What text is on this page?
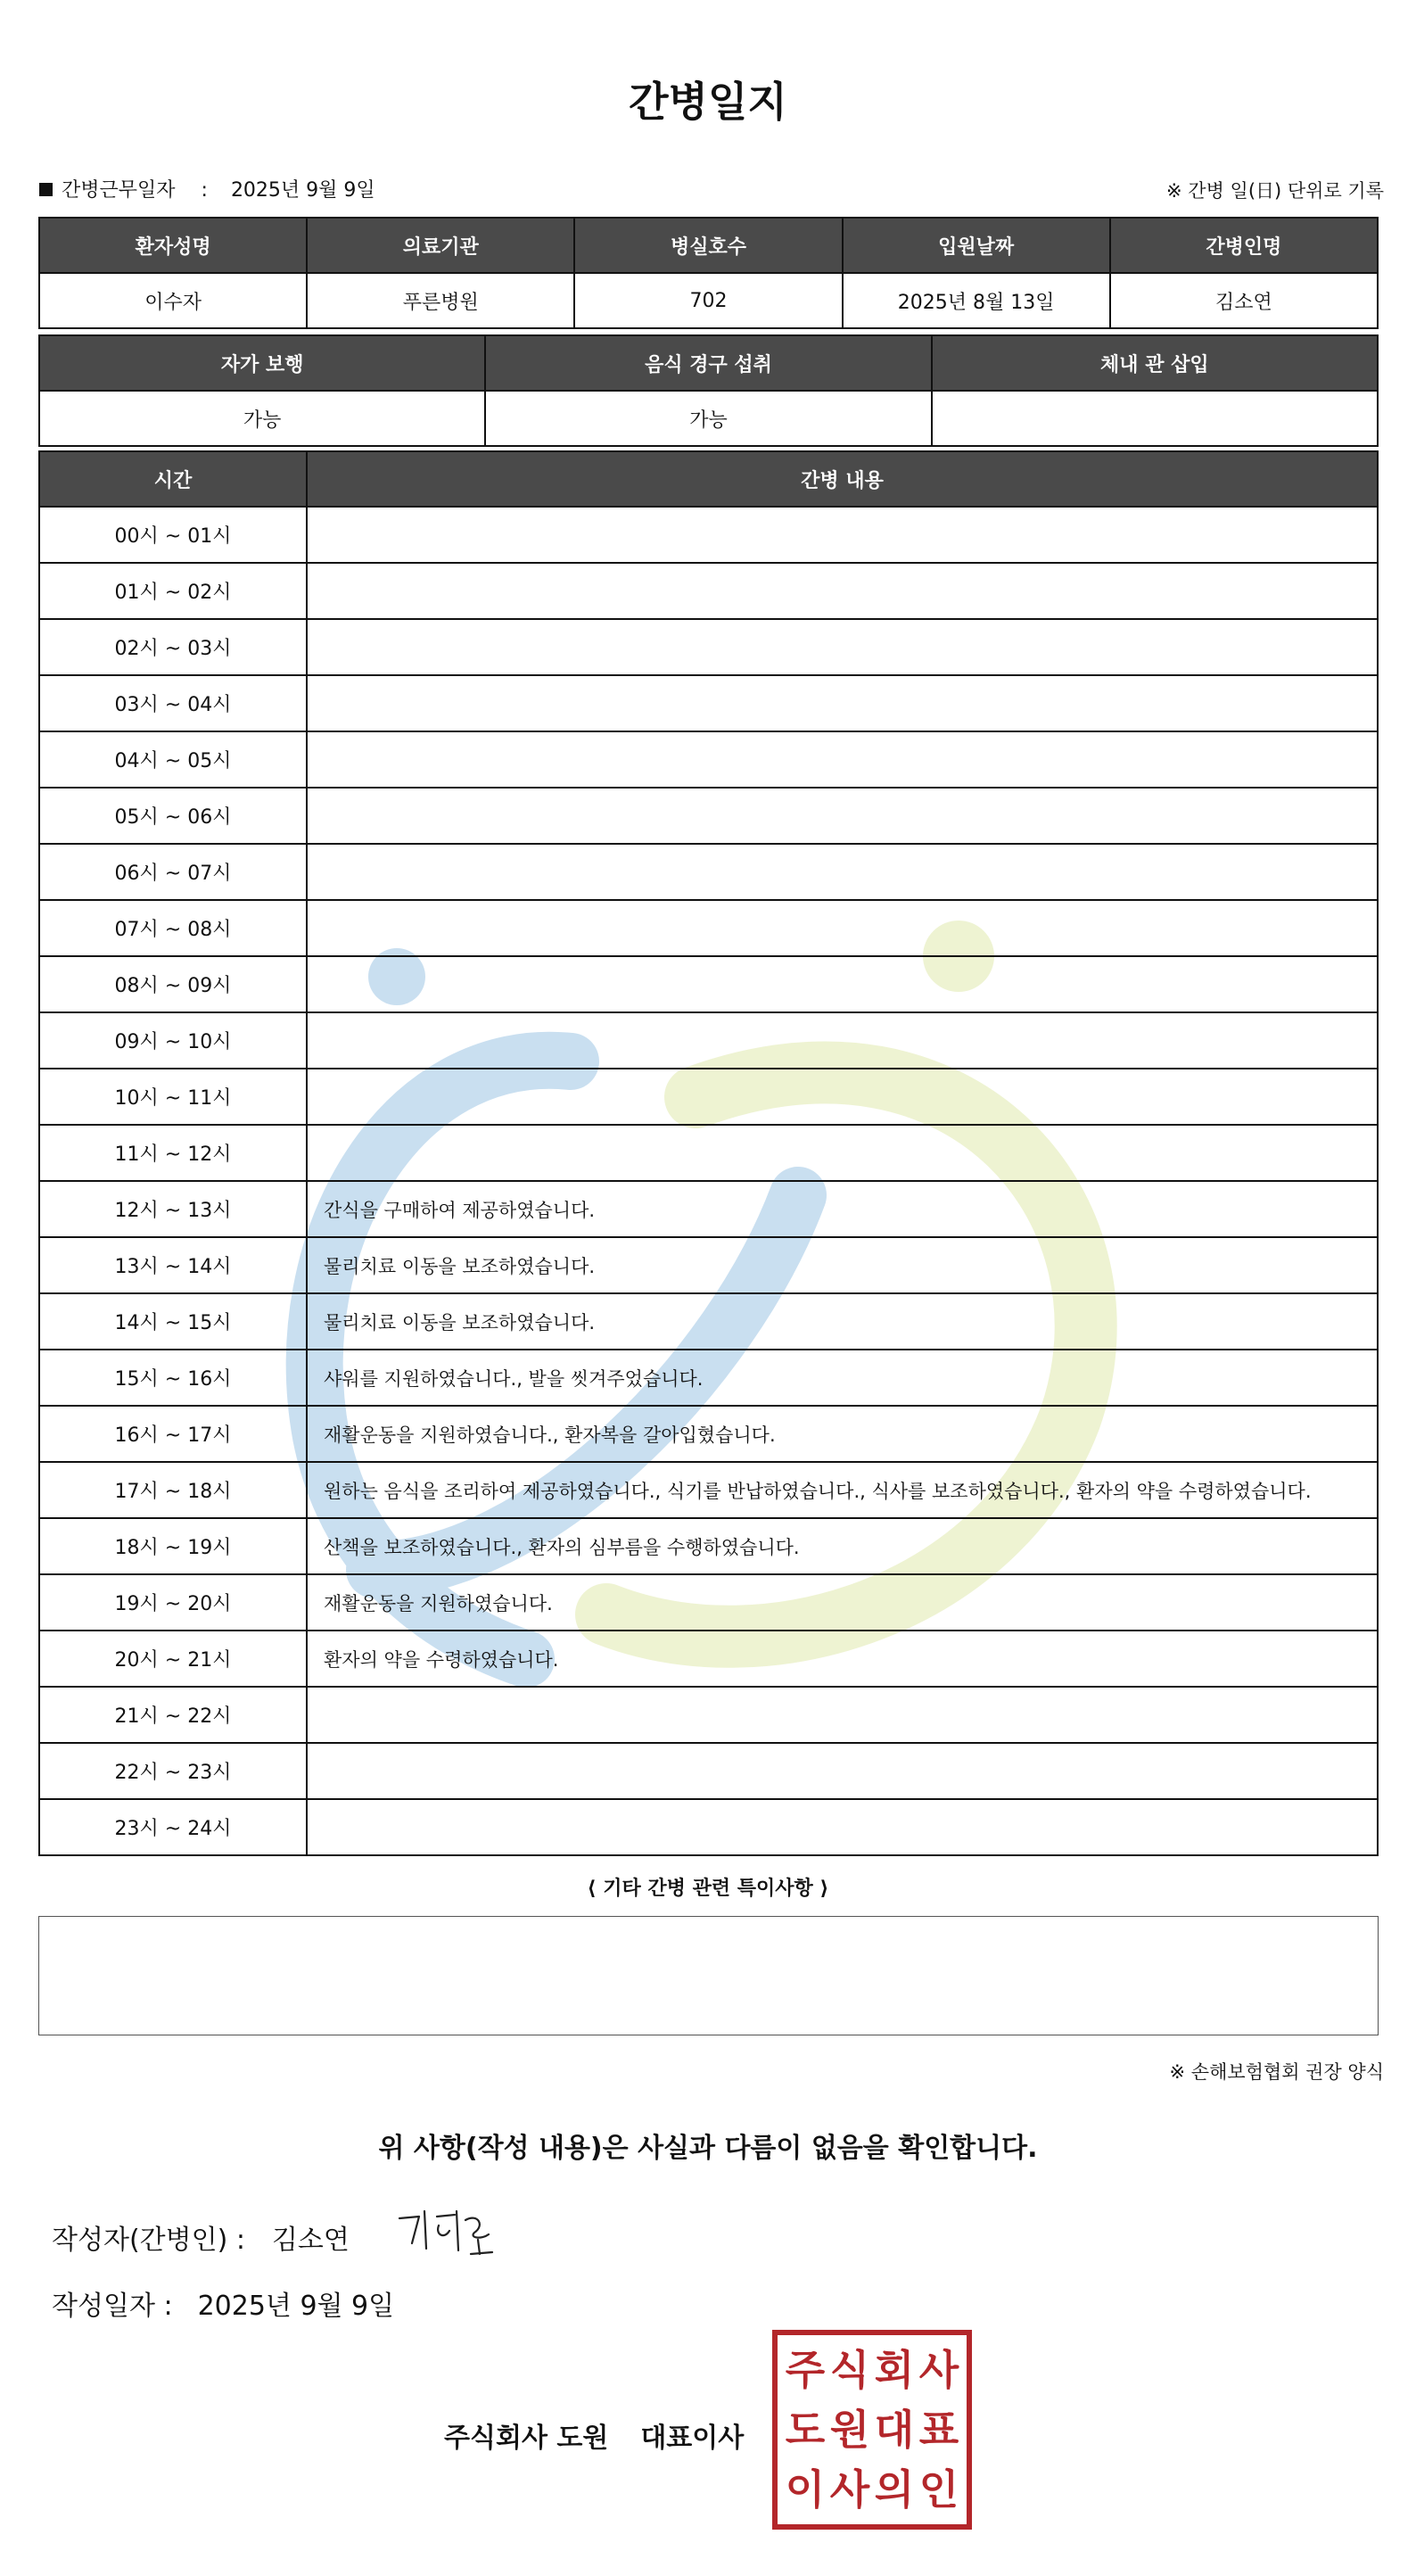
간병일지
간병근무일자 : 2025년 9월 9일	※ 간병 일(日) 단위로 기록
환자성명	의료기관	병실호수	입원날짜	간병인명
이수자	푸른병원	702	2025년 8월 13일	김소연
자가 보행	음식 경구 섭취	체내 관 삽입
가능	가능	
시간	간병 내용
00시 ~ 01시	
01시 ~ 02시	
02시 ~ 03시	
03시 ~ 04시	
04시 ~ 05시	
05시 ~ 06시	
06시 ~ 07시	
07시 ~ 08시	
08시 ~ 09시	
09시 ~ 10시	
10시 ~ 11시	
11시 ~ 12시	
12시 ~ 13시	간식을 구매하여 제공하였습니다.
13시 ~ 14시	물리치료 이동을 보조하였습니다.
14시 ~ 15시	물리치료 이동을 보조하였습니다.
15시 ~ 16시	샤워를 지원하였습니다., 발을 씻겨주었습니다.
16시 ~ 17시	재활운동을 지원하였습니다., 환자복을 갈아입혔습니다.
17시 ~ 18시	원하는 음식을 조리하여 제공하였습니다., 식기를 반납하였습니다., 식사를 보조하였습니다., 환자의 약을 수령하였습니다.
18시 ~ 19시	산책을 보조하였습니다., 환자의 심부름을 수행하였습니다.
19시 ~ 20시	재활운동을 지원하였습니다.
20시 ~ 21시	환자의 약을 수령하였습니다.
21시 ~ 22시	
22시 ~ 23시	
23시 ~ 24시	
⟨ 기타 간병 관련 특이사항 ⟩
※ 손해보험협회 권장 양식
위 사항(작성 내용)은 사실과 다름이 없음을 확인합니다.
작성자(간병인) : 김소연
작성일자 : 2025년 9월 9일
주식회사 도원 대표이사
주 식 회 사
도 원 대 표
이 사 의 인
